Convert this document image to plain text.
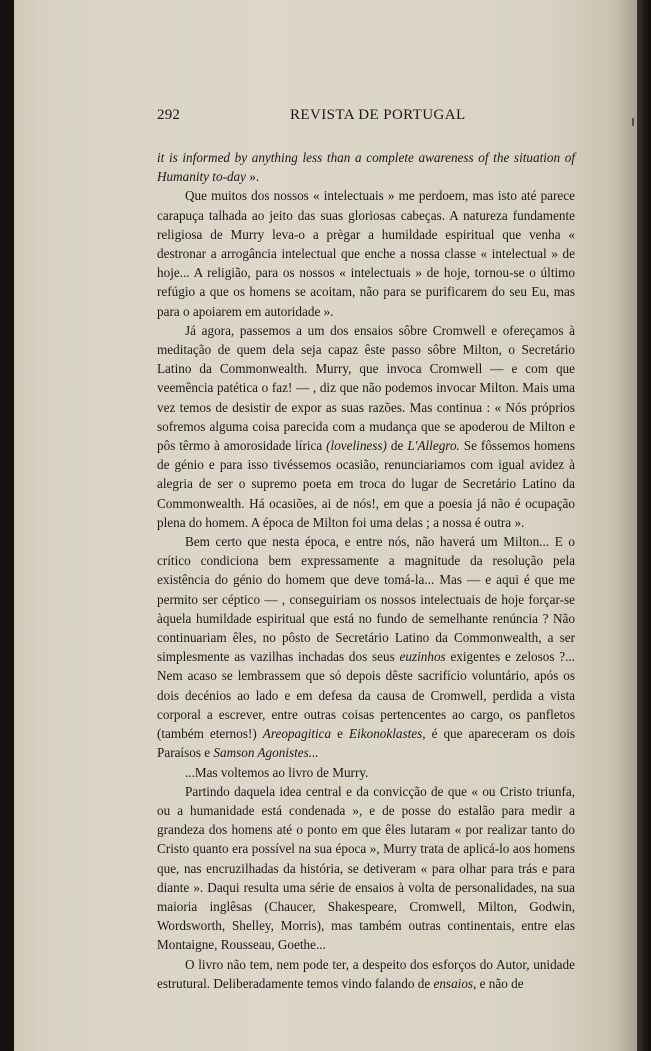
292	REVISTA DE PORTUGAL

it is informed by anything less than a complete awareness of the situation of Humanity to-day ».

Que muitos dos nossos « intelectuais » me perdoem, mas isto até parece carapuça talhada ao jeito das suas gloriosas cabeças. A natureza fundamente religiosa de Murry leva-o a prègar a humildade espiritual que venha « destronar a arrogância intelectual que enche a nossa classe « intelectual » de hoje... A religião, para os nossos « intelectuais » de hoje, tornou-se o último refúgio a que os homens se acoitam, não para se purificarem do seu Eu, mas para o apoiarem em autoridade ».

Já agora, passemos a um dos ensaios sôbre Cromwell e ofereçamos à meditação de quem dela seja capaz êste passo sôbre Milton, o Secretário Latino da Commonwealth. Murry, que invoca Cromwell — e com que veemência patética o faz! — , diz que não podemos invocar Milton. Mais uma vez temos de desistir de expor as suas razões. Mas continua : « Nós próprios sofremos alguma coisa parecida com a mudança que se apoderou de Milton e pôs têrmo à amorosidade lírica (loveliness) de L'Allegro. Se fôssemos homens de génio e para isso tivéssemos ocasião, renunciariamos com igual avidez à alegria de ser o supremo poeta em troca do lugar de Secretário Latino da Commonwealth. Há ocasiões, ai de nós!, em que a poesia já não é ocupação plena do homem. A época de Milton foi uma delas ; a nossa é outra ».

Bem certo que nesta época, e entre nós, não haverá um Milton... E o crítico condiciona bem expressamente a magnitude da resolução pela existência do génio do homem que deve tomá-la... Mas — e aqui é que me permito ser céptico — , conseguiriam os nossos intelectuais de hoje forçar-se àquela humildade espiritual que está no fundo de semelhante renúncia ? Não continuariam êles, no pôsto de Secretário Latino da Commonwealth, a ser simplesmente as vazilhas inchadas dos seus euzinhos exigentes e zelosos ?... Nem acaso se lembrassem que só depois dêste sacrifício voluntário, após os dois decénios ao lado e em defesa da causa de Cromwell, perdida a vista corporal a escrever, entre outras coisas pertencentes ao cargo, os panfletos (também eternos!) Areopagitica e Eikonoklastes, é que apareceram os dois Paraísos e Samson Agonistes...

...Mas voltemos ao livro de Murry.

Partindo daquela idea central e da convicção de que « ou Cristo triunfa, ou a humanidade está condenada », e de posse do estalão para medir a grandeza dos homens até o ponto em que êles lutaram « por realizar tanto do Cristo quanto era possível na sua época », Murry trata de aplicá-lo aos homens que, nas encruzilhadas da história, se detiveram « para olhar para trás e para diante ». Daqui resulta uma série de ensaios à volta de personalidades, na sua maioria inglêsas (Chaucer, Shakespeare, Cromwell, Milton, Godwin, Wordsworth, Shelley, Morris), mas também outras continentais, entre elas Montaigne, Rousseau, Goethe...

O livro não tem, nem pode ter, a despeito dos esforços do Autor, unidade estrutural. Deliberadamente temos vindo falando de ensaios, e não de
